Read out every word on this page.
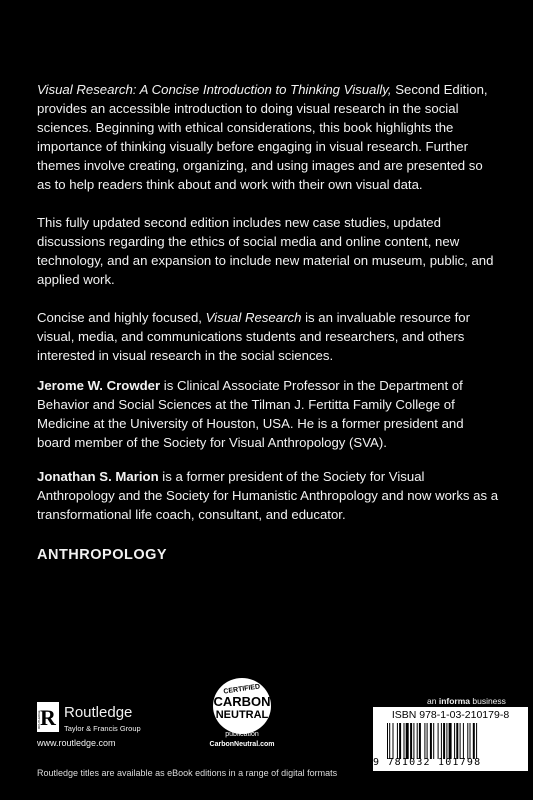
Visual Research: A Concise Introduction to Thinking Visually, Second Edition, provides an accessible introduction to doing visual research in the social sciences. Beginning with ethical considerations, this book highlights the importance of thinking visually before engaging in visual research. Further themes involve creating, organizing, and using images and are presented so as to help readers think about and work with their own visual data.

This fully updated second edition includes new case studies, updated discussions regarding the ethics of social media and online content, new technology, and an expansion to include new material on museum, public, and applied work.

Concise and highly focused, Visual Research is an invaluable resource for visual, media, and communications students and researchers, and others interested in visual research in the social sciences.

Jerome W. Crowder is Clinical Associate Professor in the Department of Behavior and Social Sciences at the Tilman J. Fertitta Family College of Medicine at the University of Houston, USA. He is a former president and board member of the Society for Visual Anthropology (SVA).

Jonathan S. Marion is a former president of the Society for Visual Anthropology and the Society for Humanistic Anthropology and now works as a transformational life coach, consultant, and educator.

ANTHROPOLOGY
R
ROUTLEDGE Routledge
Taylor & Francis Group
www.routledge.com
CERTIFIED
CARBON
NEUTRAL
publication
CarbonNeutral.com
an informa business
ISBN 978-1-03-210179-8
9 781032 101798
Routledge titles are available as eBook editions in a range of digital formats
